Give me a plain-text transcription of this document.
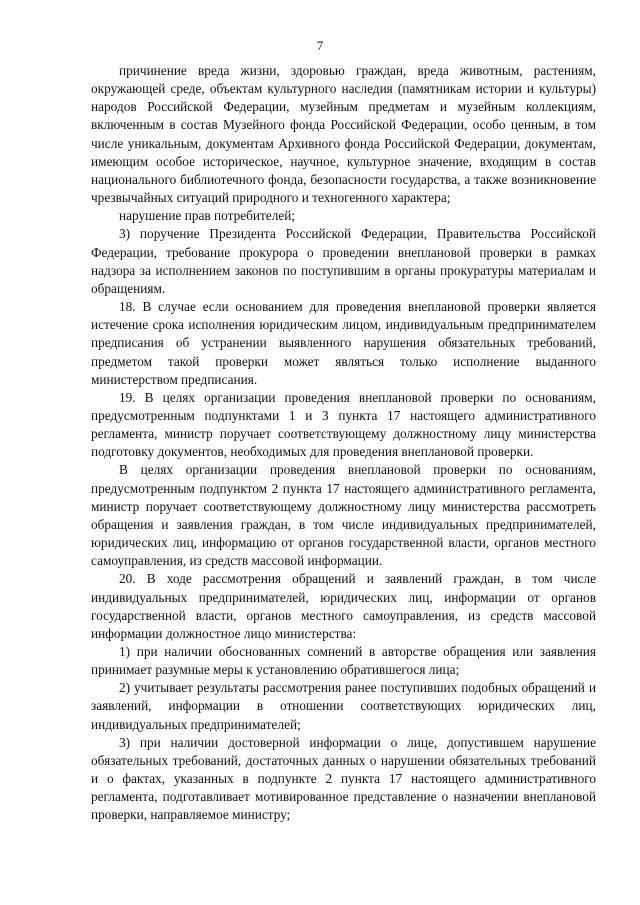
7

причинение вреда жизни, здоровью граждан, вреда животным, растениям, окружающей среде, объектам культурного наследия (памятникам истории и культуры) народов Российской Федерации, музейным предметам и музейным коллекциям, включенным в состав Музейного фонда Российской Федерации, особо ценным, в том числе уникальным, документам Архивного фонда Российской Федерации, документам, имеющим особое историческое, научное, культурное значение, входящим в состав национального библиотечного фонда, безопасности государства, а также возникновение чрезвычайных ситуаций природного и техногенного характера;

нарушение прав потребителей;

3) поручение Президента Российской Федерации, Правительства Российской Федерации, требование прокурора о проведении внеплановой проверки в рамках надзора за исполнением законов по поступившим в органы прокуратуры материалам и обращениям.

18. В случае если основанием для проведения внеплановой проверки является истечение срока исполнения юридическим лицом, индивидуальным предпринимателем предписания об устранении выявленного нарушения обязательных требований, предметом такой проверки может являться только исполнение выданного министерством предписания.

19. В целях организации проведения внеплановой проверки по основаниям, предусмотренным подпунктами 1 и 3 пункта 17 настоящего административного регламента, министр поручает соответствующему должностному лицу министерства подготовку документов, необходимых для проведения внеплановой проверки.

В целях организации проведения внеплановой проверки по основаниям, предусмотренным подпунктом 2 пункта 17 настоящего административного регламента, министр поручает соответствующему должностному лицу министерства рассмотреть обращения и заявления граждан, в том числе индивидуальных предпринимателей, юридических лиц, информацию от органов государственной власти, органов местного самоуправления, из средств массовой информации.

20. В ходе рассмотрения обращений и заявлений граждан, в том числе индивидуальных предпринимателей, юридических лиц, информации от органов государственной власти, органов местного самоуправления, из средств массовой информации должностное лицо министерства:

1) при наличии обоснованных сомнений в авторстве обращения или заявления принимает разумные меры к установлению обратившегося лица;

2) учитывает результаты рассмотрения ранее поступивших подобных обращений и заявлений, информации в отношении соответствующих юридических лиц, индивидуальных предпринимателей;

3) при наличии достоверной информации о лице, допустившем нарушение обязательных требований, достаточных данных о нарушении обязательных требований и о фактах, указанных в подпункте 2 пункта 17 настоящего административного регламента, подготавливает мотивированное представление о назначении внеплановой проверки, направляемое министру;
